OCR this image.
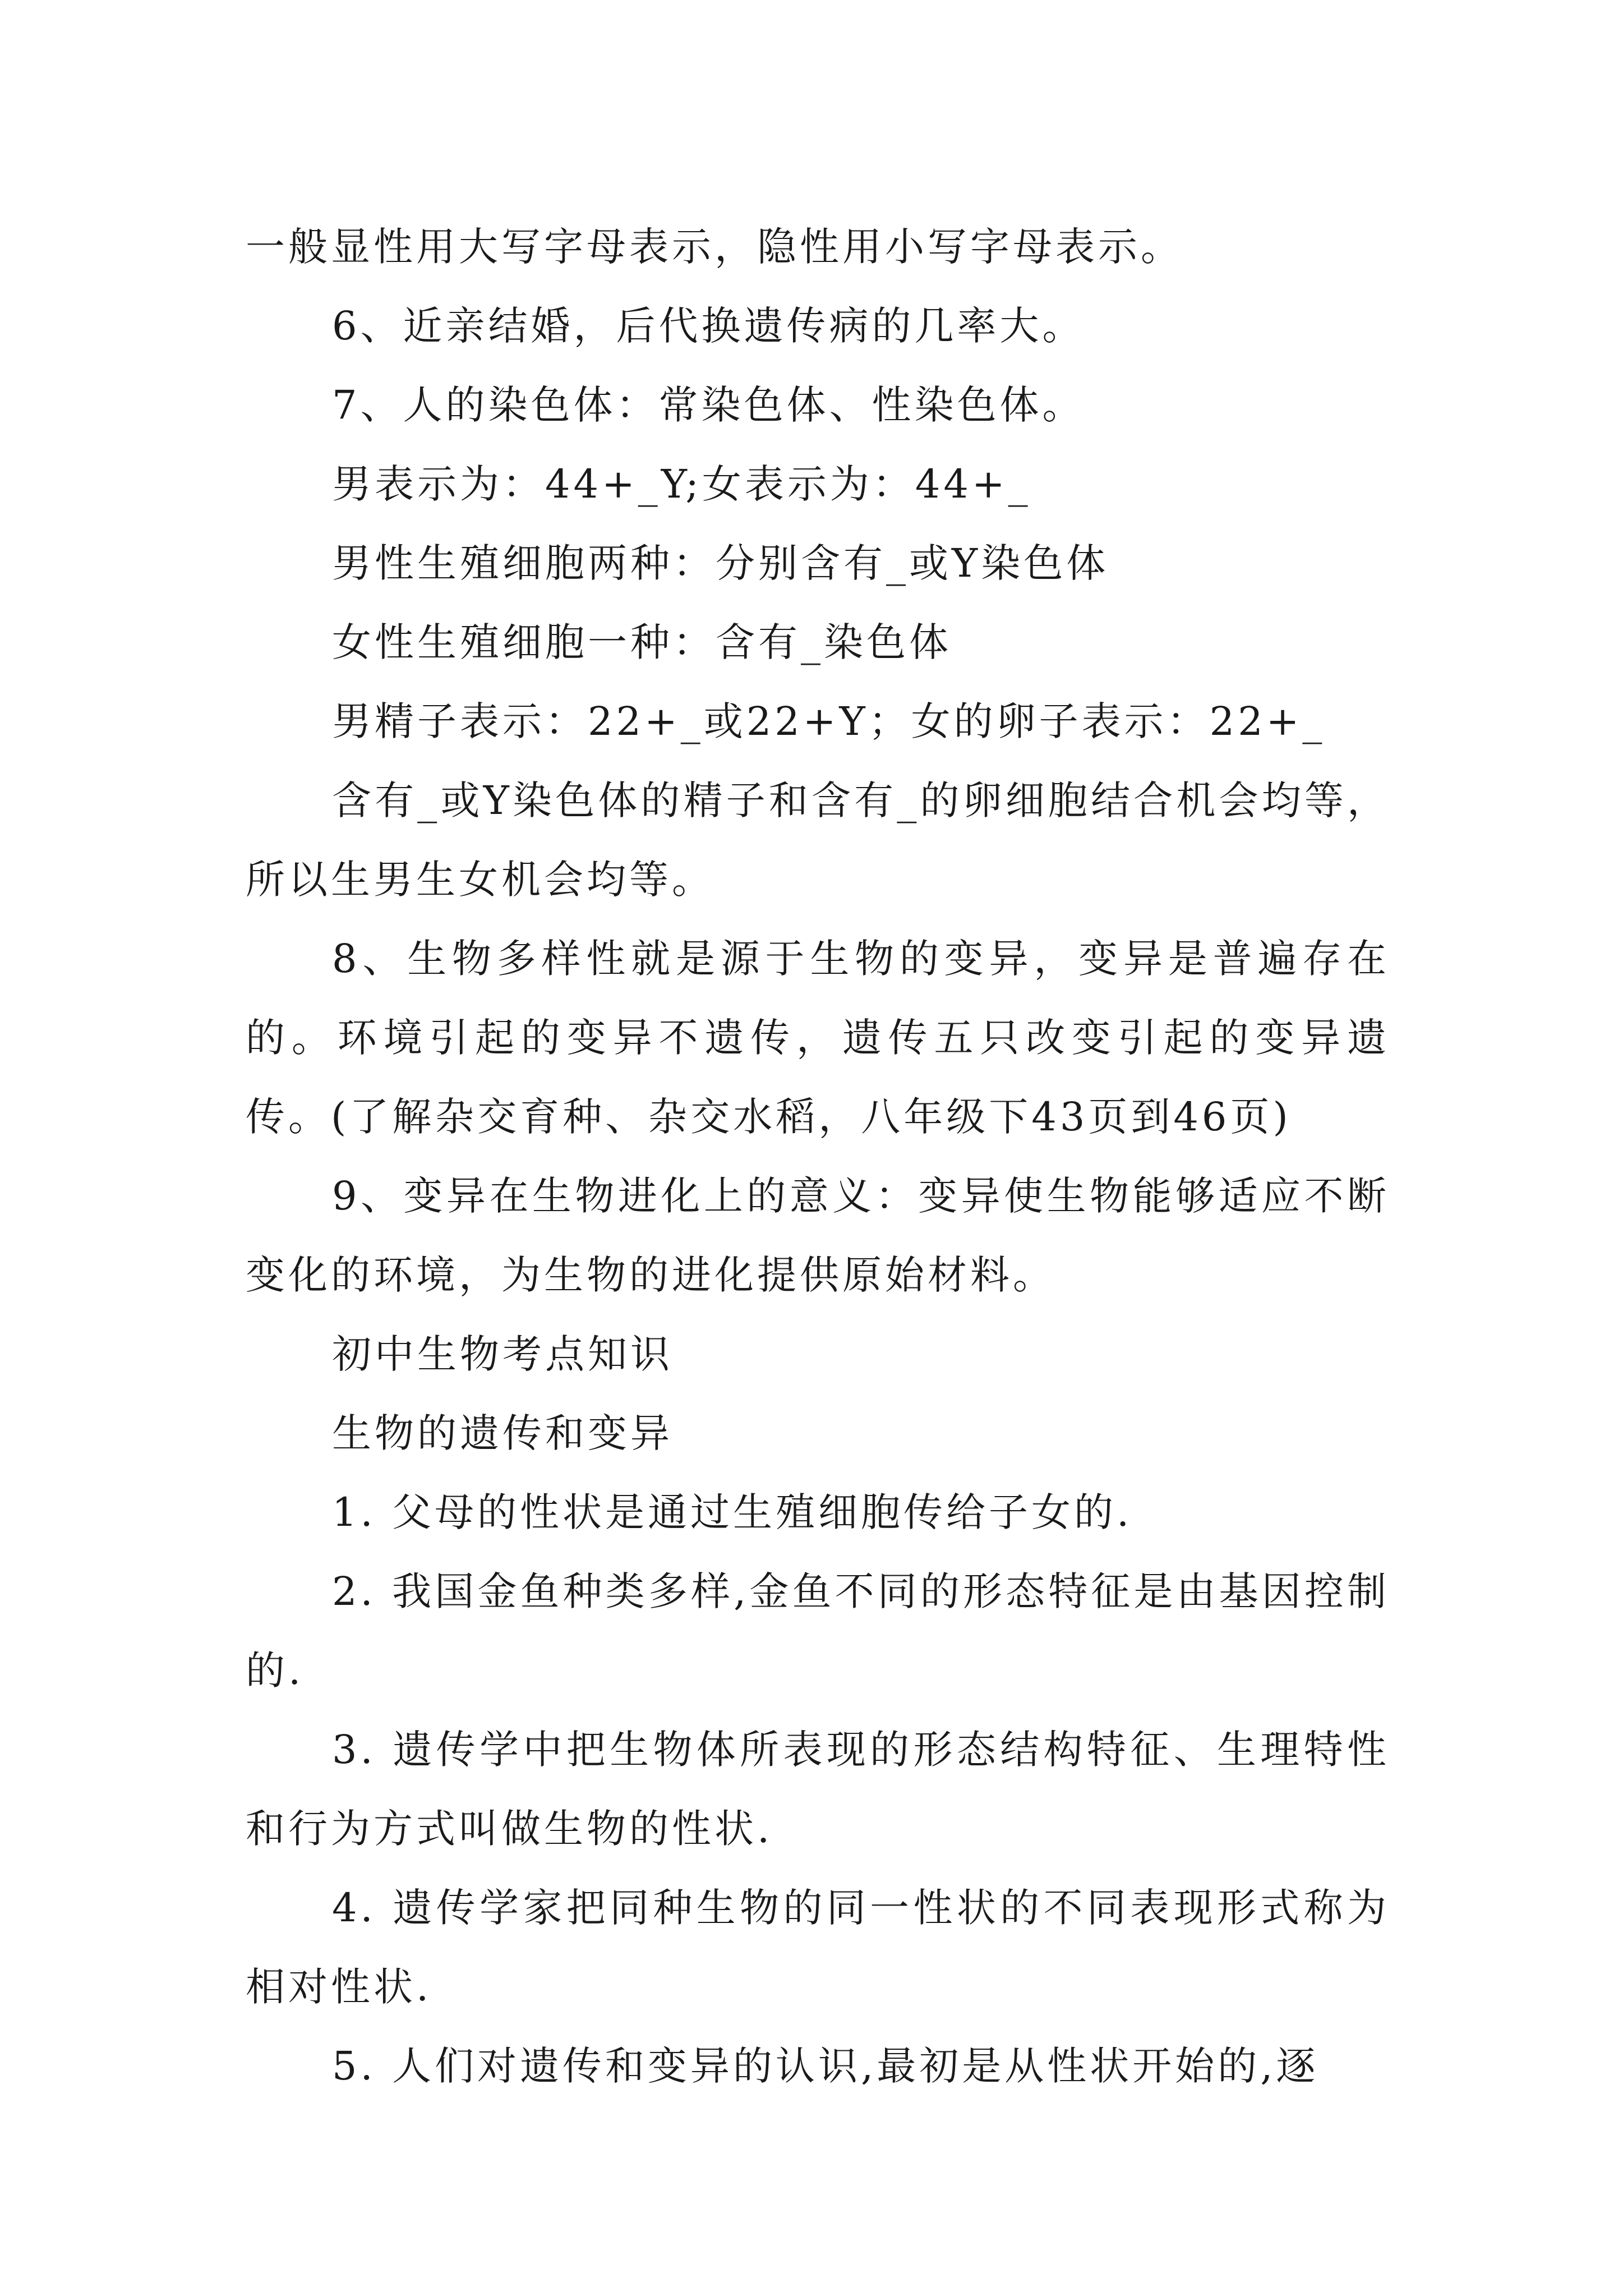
一般显性用大写字母表示，隐性用小写字母表示。

6、近亲结婚，后代换遗传病的几率大。

7、人的染色体：常染色体、性染色体。

男表示为：44+_Y;女表示为：44+_

男性生殖细胞两种：分别含有_或Y染色体

女性生殖细胞一种：含有_染色体

男精子表示：22+_或22+Y；女的卵子表示：22+_

含有_或Y染色体的精子和含有_的卵细胞结合机会均等，所以生男生女机会均等。

8、生物多样性就是源于生物的变异，变异是普遍存在的。环境引起的变异不遗传，遗传五只改变引起的变异遗传。(了解杂交育种、杂交水稻，八年级下43页到46页)

9、变异在生物进化上的意义：变异使生物能够适应不断变化的环境，为生物的进化提供原始材料。

初中生物考点知识

生物的遗传和变异

1. 父母的性状是通过生殖细胞传给子女的.

2. 我国金鱼种类多样,金鱼不同的形态特征是由基因控制的.

3. 遗传学中把生物体所表现的形态结构特征、生理特性和行为方式叫做生物的性状.

4. 遗传学家把同种生物的同一性状的不同表现形式称为相对性状.

5. 人们对遗传和变异的认识,最初是从性状开始的,逐
